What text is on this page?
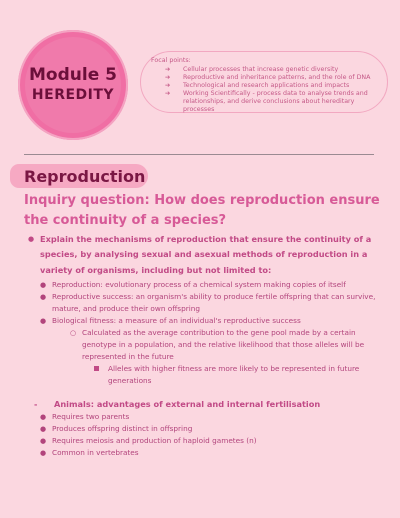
Module 5
HEREDITY
Focal points:
➔ Cellular processes that increase genetic diversity
➔ Reproductive and inheritance patterns, and the role of DNA
➔ Technological and research applications and impacts
➔ Working Scientifically - process data to analyse trends and relationships, and derive conclusions about hereditary processes
Reproduction
Inquiry question: How does reproduction ensure the continuity of a species?
● Explain the mechanisms of reproduction that ensure the continuity of a species, by analysing sexual and asexual methods of reproduction in a variety of organisms, including but not limited to:
● Reproduction: evolutionary process of a chemical system making copies of itself
● Reproductive success: an organism's ability to produce fertile offspring that can survive, mature, and produce their own offspring
● Biological fitness: a measure of an individual's reproductive success
○ Calculated as the average contribution to the gene pool made by a certain genotype in a population, and the relative likelihood that those alleles will be represented in the future
Alleles with higher fitness are more likely to be represented in future generations
- Animals: advantages of external and internal fertilisation
● Requires two parents
● Produces offspring distinct in offspring
● Requires meiosis and production of haploid gametes (n)
● Common in vertebrates
